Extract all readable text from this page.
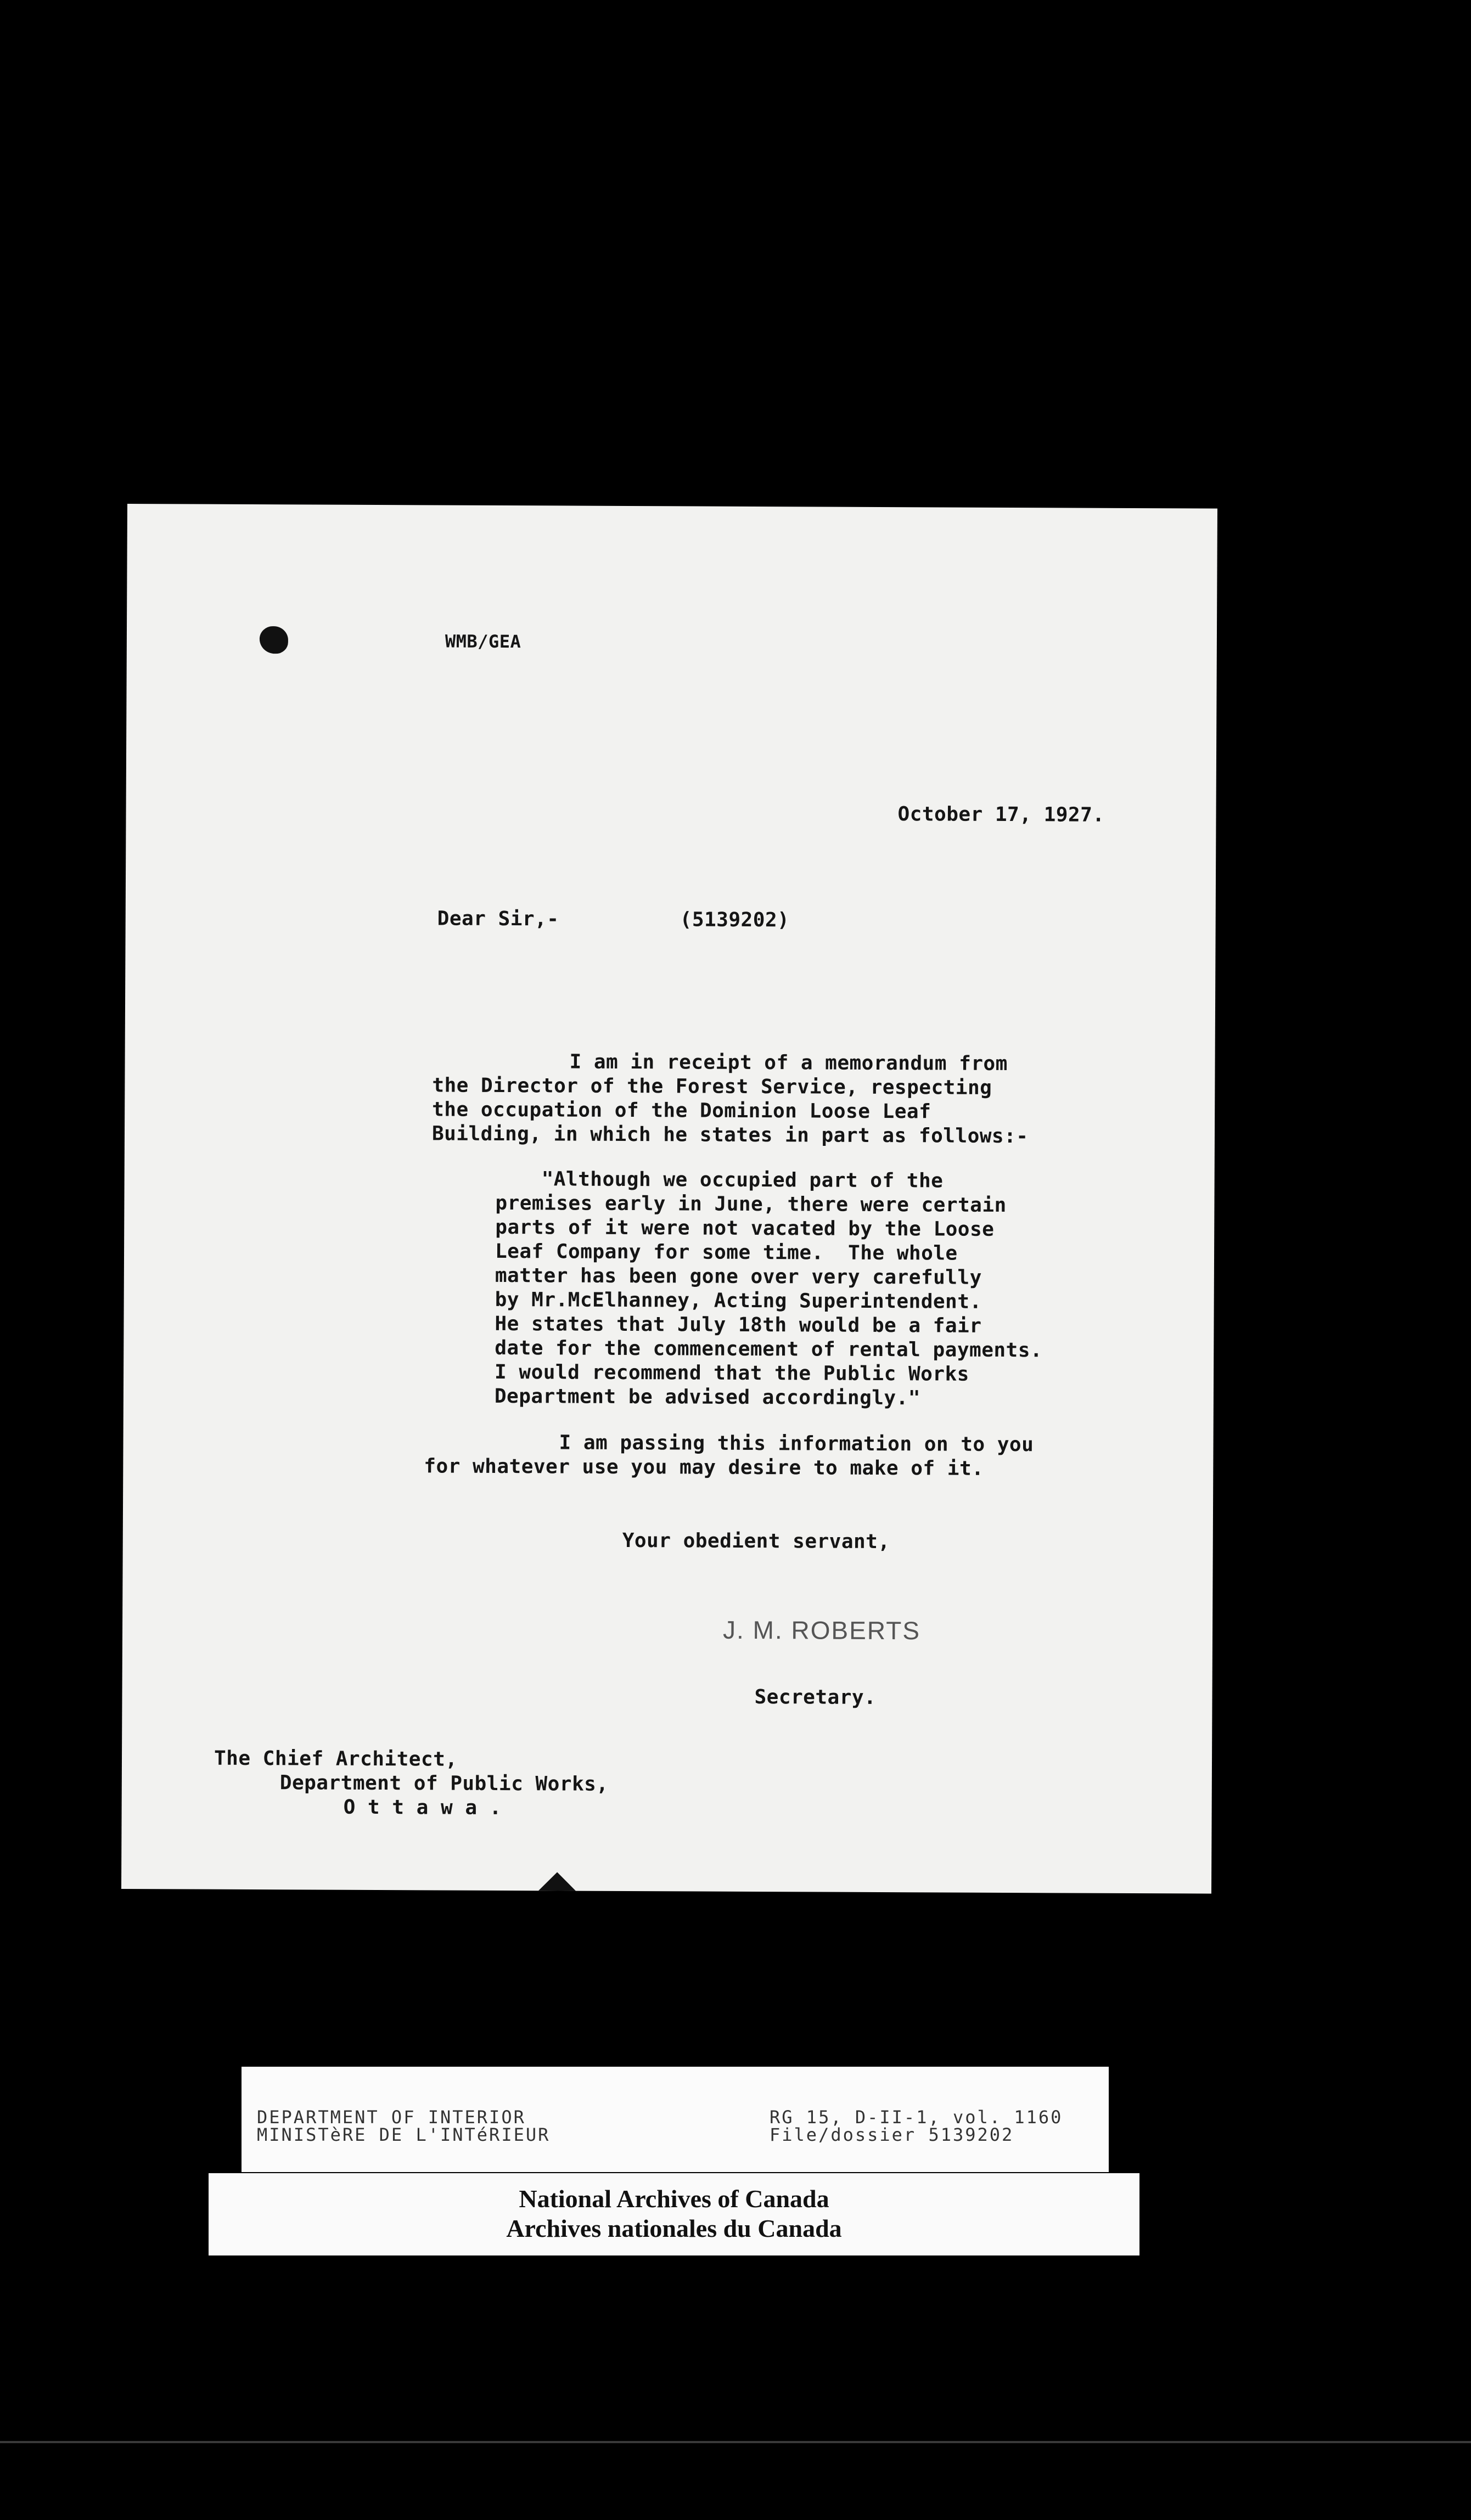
WMB/GEA
October 17, 1927.
Dear Sir,-	(5139202)
I am in receipt of a memorandum from
the Director of the Forest Service, respecting
the occupation of the Dominion Loose Leaf
Building, in which he states in part as follows:-
"Although we occupied part of the
premises early in June, there were certain
parts of it were not vacated by the Loose
Leaf Company for some time.  The whole
matter has been gone over very carefully
by Mr.McElhanney, Acting Superintendent.
He states that July 18th would be a fair
date for the commencement of rental payments.
I would recommend that the Public Works
Department be advised accordingly."
I am passing this information on to you
for whatever use you may desire to make of it.
Your obedient servant,
J. M. ROBERTS
Secretary.
The Chief Architect,
Department of Public Works,
O t t a w a .
DEPARTMENT OF INTERIOR
MINISTèRE DE L'INTéRIEUR
RG 15, D-II-1, vol. 1160
File/dossier 5139202
National Archives of Canada
Archives nationales du Canada
